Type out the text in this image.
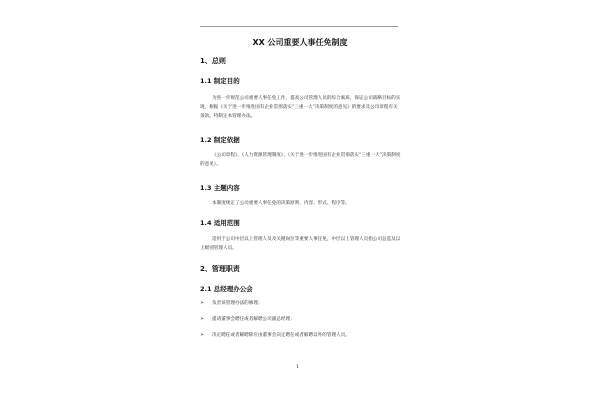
XX 公司重要人事任免制度
1、总则
1.1 制定目的
为进一步规范公司重要人事任免工作，提高公司管理人员的综合素质，保证公司战略目标的实现，根据《关于进一步推进国有企业贯彻落实“三重一大”决策制度的意见》的要求及公司章程有关条款，特制定本管理办法。
1.2 制定依据
《公司章程》、《人力资源管理制度》、《关于进一步推进国有企业贯彻落实“三重一大”决策制度的意见》。
1.3 主题内容
本制度规定了公司重要人事任免的决策原则、内容、形式、程序等。
1.4 适用范围
适用于公司中层以上管理人员及关键岗位等重要人事任免，中层以上管理人员指公司总监及以上级别管理人员。
2、管理职责
2.1 总经理办公会
➢ 负责该管理办法的修理；
➢ 提请董事会聘任或者解聘公司副总经理；
➢ 决定聘任或者解聘除应由董事会决定聘任或者解聘以外的管理人员。
1
